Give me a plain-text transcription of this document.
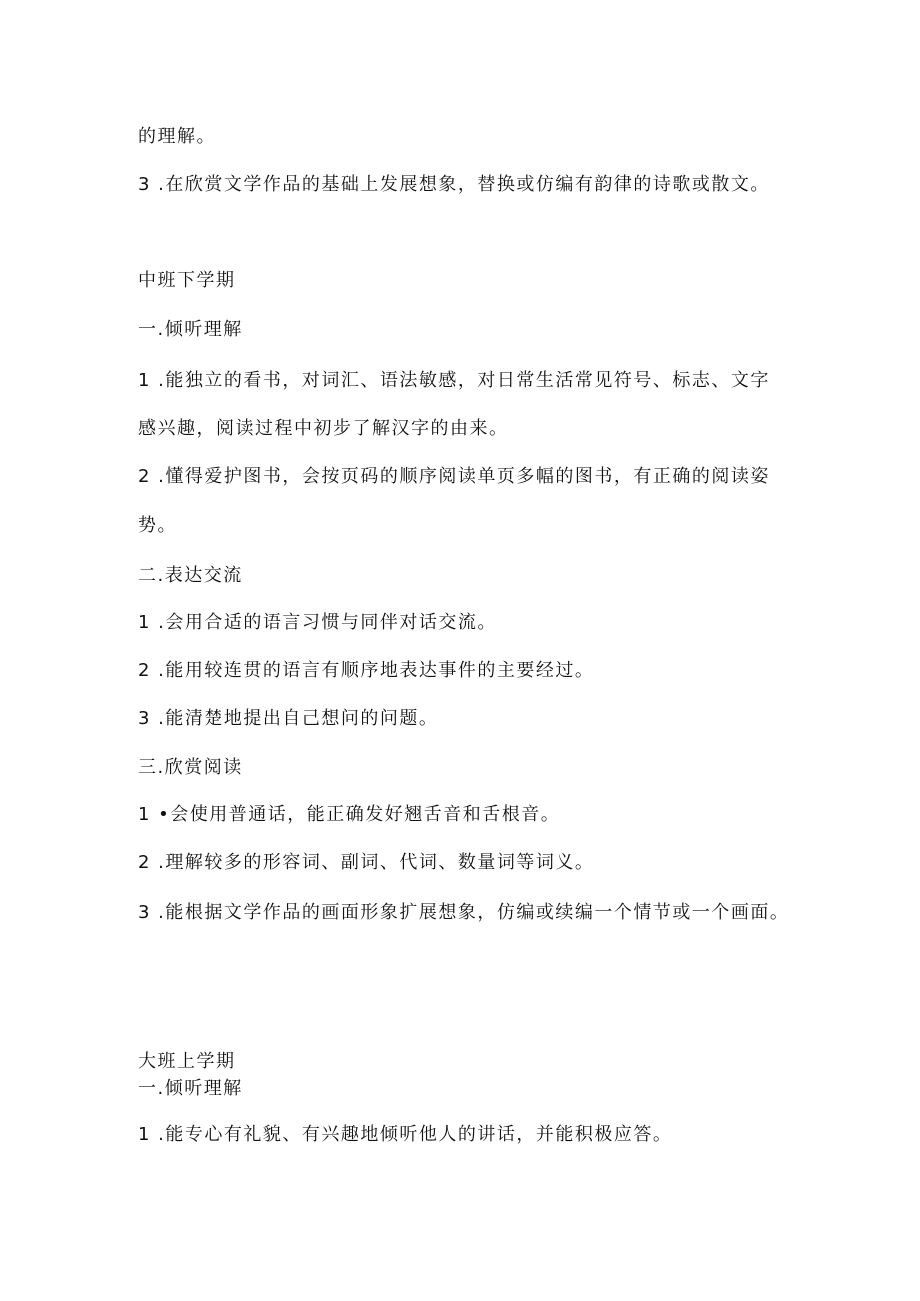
的理解。
3 .在欣赏文学作品的基础上发展想象，替换或仿编有韵律的诗歌或散文。
中班下学期
一.倾听理解
1 .能独立的看书，对词汇、语法敏感，对日常生活常见符号、标志、文字
感兴趣，阅读过程中初步了解汉字的由来。
2 .懂得爱护图书，会按页码的顺序阅读单页多幅的图书，有正确的阅读姿
势。
二.表达交流
1 .会用合适的语言习惯与同伴对话交流。
2 .能用较连贯的语言有顺序地表达事件的主要经过。
3 .能清楚地提出自己想问的问题。
三.欣赏阅读
1 •会使用普通话，能正确发好翘舌音和舌根音。
2 .理解较多的形容词、副词、代词、数量词等词义。
3 .能根据文学作品的画面形象扩展想象，仿编或续编一个情节或一个画面。
大班上学期
一.倾听理解
1 .能专心有礼貌、有兴趣地倾听他人的讲话，并能积极应答。
